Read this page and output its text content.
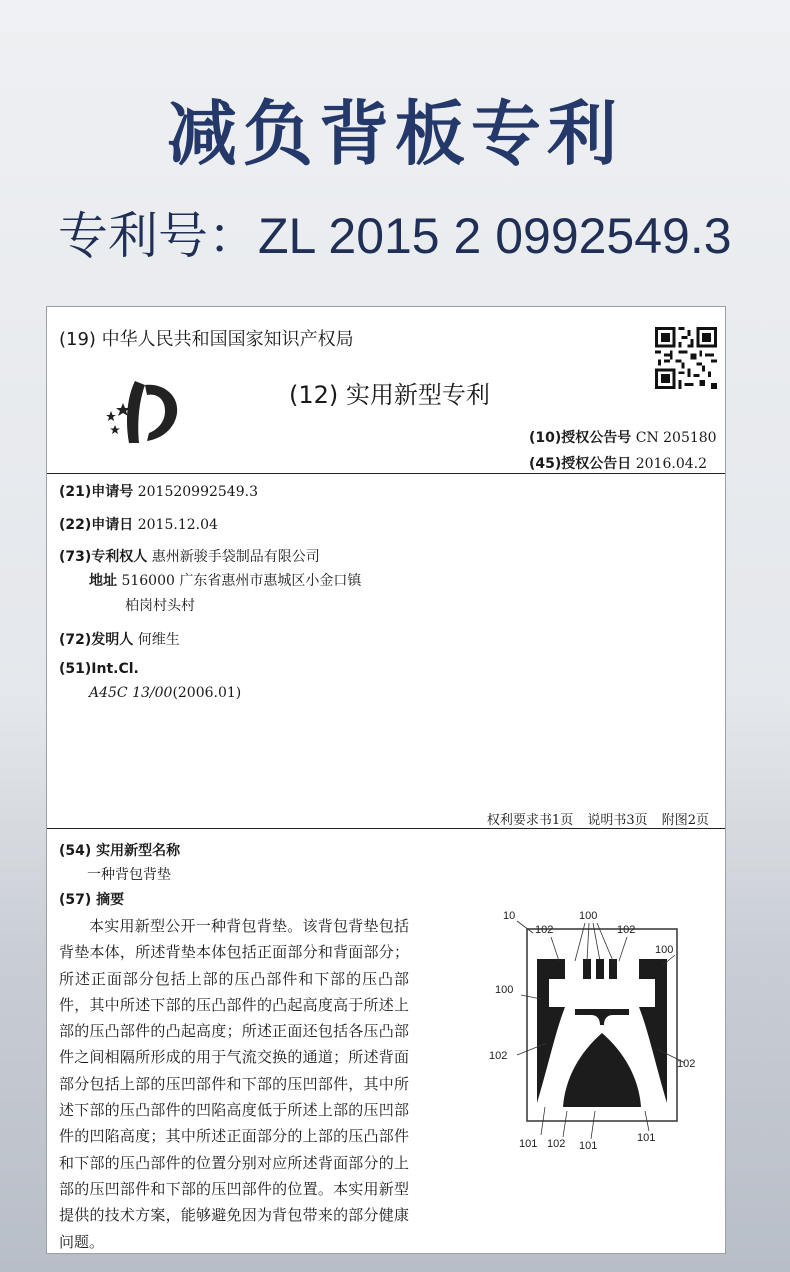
减负背板专利
专利号：ZL 2015 2 0992549.3
(19) 中华人民共和国国家知识产权局
(12) 实用新型专利
(10)授权公告号 CN 205180
(45)授权公告日 2016.04.2
(21)申请号 201520992549.3
(22)申请日 2015.12.04
(73)专利权人 惠州新骏手袋制品有限公司
地址 516000 广东省惠州市惠城区小金口镇
柏岗村头村
(72)发明人 何维生
(51)Int.Cl.
A45C 13/00(2006.01)
权利要求书1页 说明书3页 附图2页
(54) 实用新型名称
一种背包背垫
(57) 摘要
本实用新型公开一种背包背垫。该背包背垫包括背垫本体，所述背垫本体包括正面部分和背面部分；所述正面部分包括上部的压凸部件和下部的压凸部件，其中所述下部的压凸部件的凸起高度高于所述上部的压凸部件的凸起高度；所述正面还包括各压凸部件之间相隔所形成的用于气流交换的通道；所述背面部分包括上部的压凹部件和下部的压凹部件，其中所述下部的压凸部件的凹陷高度低于所述上部的压凹部件的凹陷高度；其中所述正面部分的上部的压凸部件和下部的压凸部件的位置分别对应所述背面部分的上部的压凹部件和下部的压凹部件的位置。本实用新型提供的技术方案，能够避免因为背包带来的部分健康问题。
10	100
102	102
100
100
102
102
101 102 101
101
